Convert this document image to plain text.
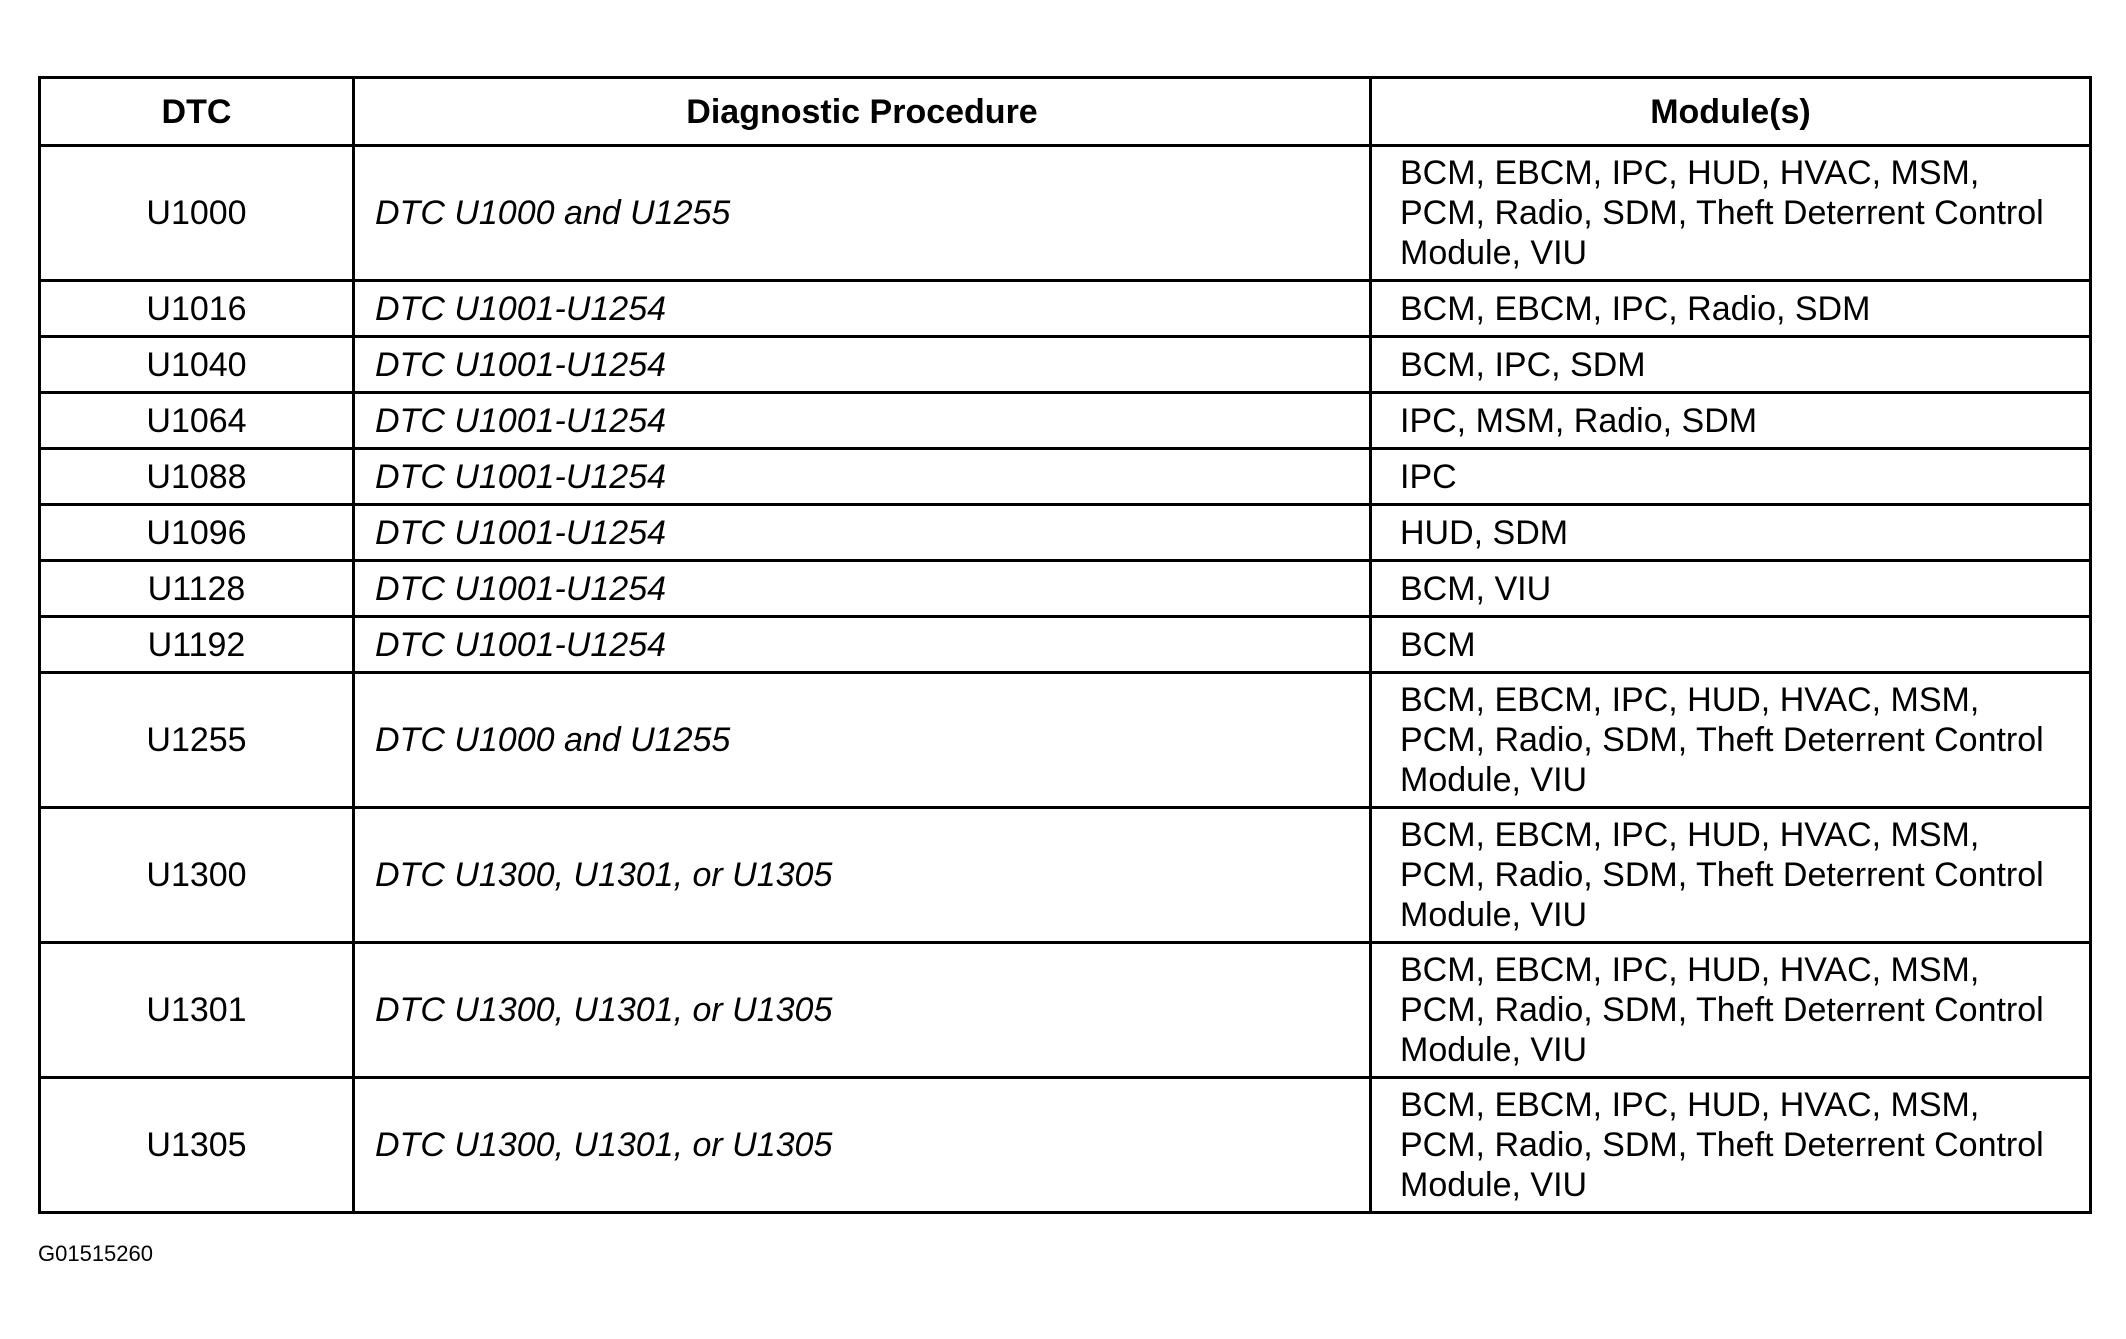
DTC	Diagnostic Procedure	Module(s)
U1000	DTC U1000 and U1255	BCM, EBCM, IPC, HUD, HVAC, MSM, PCM, Radio, SDM, Theft Deterrent Control Module, VIU
U1016	DTC U1001-U1254	BCM, EBCM, IPC, Radio, SDM
U1040	DTC U1001-U1254	BCM, IPC, SDM
U1064	DTC U1001-U1254	IPC, MSM, Radio, SDM
U1088	DTC U1001-U1254	IPC
U1096	DTC U1001-U1254	HUD, SDM
U1128	DTC U1001-U1254	BCM, VIU
U1192	DTC U1001-U1254	BCM
U1255	DTC U1000 and U1255	BCM, EBCM, IPC, HUD, HVAC, MSM, PCM, Radio, SDM, Theft Deterrent Control Module, VIU
U1300	DTC U1300, U1301, or U1305	BCM, EBCM, IPC, HUD, HVAC, MSM, PCM, Radio, SDM, Theft Deterrent Control Module, VIU
U1301	DTC U1300, U1301, or U1305	BCM, EBCM, IPC, HUD, HVAC, MSM, PCM, Radio, SDM, Theft Deterrent Control Module, VIU
U1305	DTC U1300, U1301, or U1305	BCM, EBCM, IPC, HUD, HVAC, MSM, PCM, Radio, SDM, Theft Deterrent Control Module, VIU
G01515260
